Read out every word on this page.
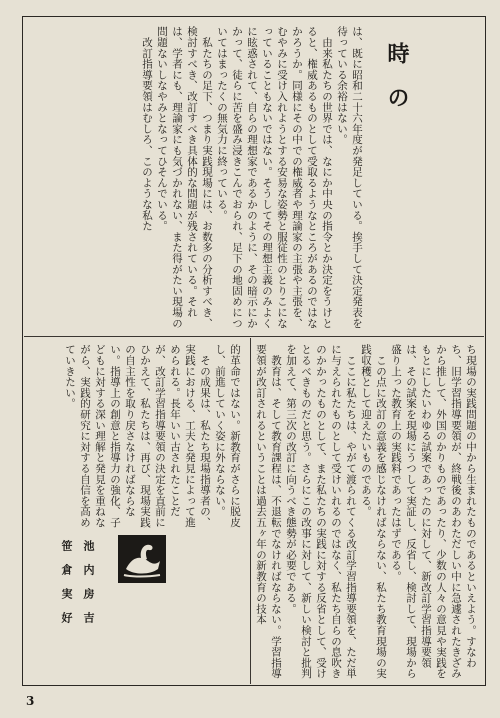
時の
は、既に昭和二十六年度が発足している。挨手して決定発表を待っている余裕はない。
　由来私たちの世界では、なにか中央の指令とか決定をうけとると、権威あるものとして受取るようなところがあるのではなかろうか。同様にその中での権威者や理論家の主張や主張を、むやみに受け入れようとする安易な姿勢と服従性のとりこになっていることもないではない。そうしてその理想主義のみよくに眩惑されて、自らの理想家であるかのように、その暗示にかかって、徒らに苦を盛み浸きこんでおられ、足下の地固めについてはまったくの無気力に終っている。
　私たちの足下、つまり実践現場には、お数多の分析すべき、検討すべき、改訂すべき具体的な問題が残されている。それは、学者にも、理論家にも気づかれない、また得がたい現場の問題ないしなやみとなってひそんでいる。
　改訂指導要領はむしろ、このような私た
ち現場の実践問題の中から生まれたものであるといえよう。すなわち、旧学習指導要領が、終戦後のあわただしい中に急遽されたきざみから推して、外国のかりものであったり、少数の人々の意見や実践をもとにしたいわゆる試案であったのに対して、新改訂学習指導要領は、その試案を現場にうつして実証し、反省し、検討して、現場から盛り上った教育上の実践料であったはずである。
　この点に改訂の意義を感じなければならない、私たち教育現場の実践収穫として迎えたいものである。
　ここに私たちは、やがて渡られてくる改訂学習指導要領を、ただ単に与えられたものとして受けいれるのではなく、私たち自らの息吹きのかかったものとして、また私たちの実践に対する反省として、受けとるべきものだと思う。さらにこの改事に対して、新しい検討と批判を加えて、第三次の改訂に向うべき態勢が必要である。
　教育は、そして教育課程は、不退転でなければならない。学習指導要領が改訂されるということは過去五ヶ年の新教育の技本
的革命ではない。新教育がさらに脱皮し、前進していく姿に外ならない。
　その成果は、私たち現場指導者の、実践における、工夫と発見によって進められる。長年いい古されたことだが、改訂学習指導要領の決定を直前にひかえて、私たちは、再び、現場実践の自主性を取り戻さなければならない。指導上の創意と指導力の強化、子どもに対する深い理解と発見を重ねながら、実践的研究に対する自信を高めていきたい。
池内房吉
笹倉実好
3
